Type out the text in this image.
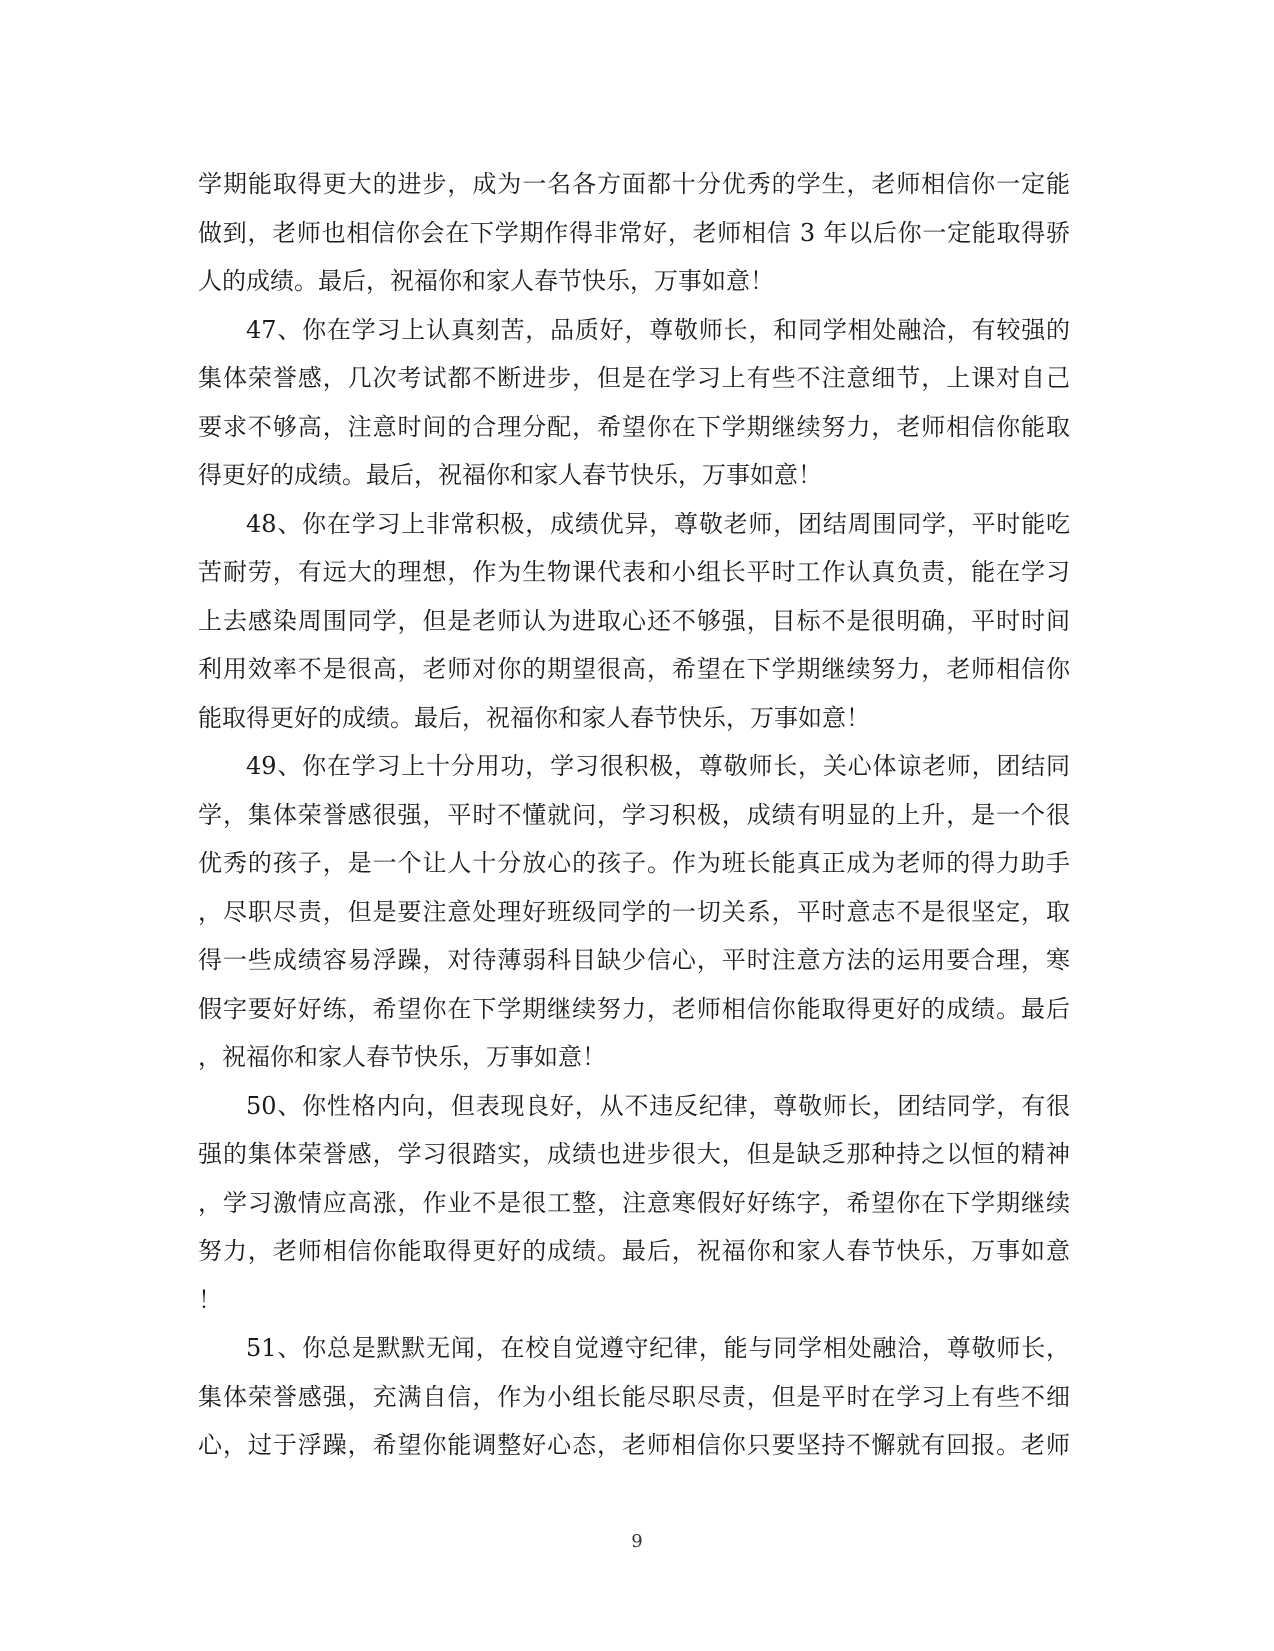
学期能取得更大的进步，成为一名各方面都十分优秀的学生，老师相信你一定能
做到，老师也相信你会在下学期作得非常好，老师相信 3 年以后你一定能取得骄
人的成绩。最后，祝福你和家人春节快乐，万事如意！
47、你在学习上认真刻苦，品质好，尊敬师长，和同学相处融洽，有较强的
集体荣誉感，几次考试都不断进步，但是在学习上有些不注意细节，上课对自己
要求不够高，注意时间的合理分配，希望你在下学期继续努力，老师相信你能取
得更好的成绩。最后，祝福你和家人春节快乐，万事如意！
48、你在学习上非常积极，成绩优异，尊敬老师，团结周围同学，平时能吃
苦耐劳，有远大的理想，作为生物课代表和小组长平时工作认真负责，能在学习
上去感染周围同学，但是老师认为进取心还不够强，目标不是很明确，平时时间
利用效率不是很高，老师对你的期望很高，希望在下学期继续努力，老师相信你
能取得更好的成绩。最后，祝福你和家人春节快乐，万事如意！
49、你在学习上十分用功，学习很积极，尊敬师长，关心体谅老师，团结同
学，集体荣誉感很强，平时不懂就问，学习积极，成绩有明显的上升，是一个很
优秀的孩子，是一个让人十分放心的孩子。作为班长能真正成为老师的得力助手
，尽职尽责，但是要注意处理好班级同学的一切关系，平时意志不是很坚定，取
得一些成绩容易浮躁，对待薄弱科目缺少信心，平时注意方法的运用要合理，寒
假字要好好练，希望你在下学期继续努力，老师相信你能取得更好的成绩。最后
，祝福你和家人春节快乐，万事如意！
50、你性格内向，但表现良好，从不违反纪律，尊敬师长，团结同学，有很
强的集体荣誉感，学习很踏实，成绩也进步很大，但是缺乏那种持之以恒的精神
，学习激情应高涨，作业不是很工整，注意寒假好好练字，希望你在下学期继续
努力，老师相信你能取得更好的成绩。最后，祝福你和家人春节快乐，万事如意
！
51、你总是默默无闻，在校自觉遵守纪律，能与同学相处融洽，尊敬师长，
集体荣誉感强，充满自信，作为小组长能尽职尽责，但是平时在学习上有些不细
心，过于浮躁，希望你能调整好心态，老师相信你只要坚持不懈就有回报。老师
9
